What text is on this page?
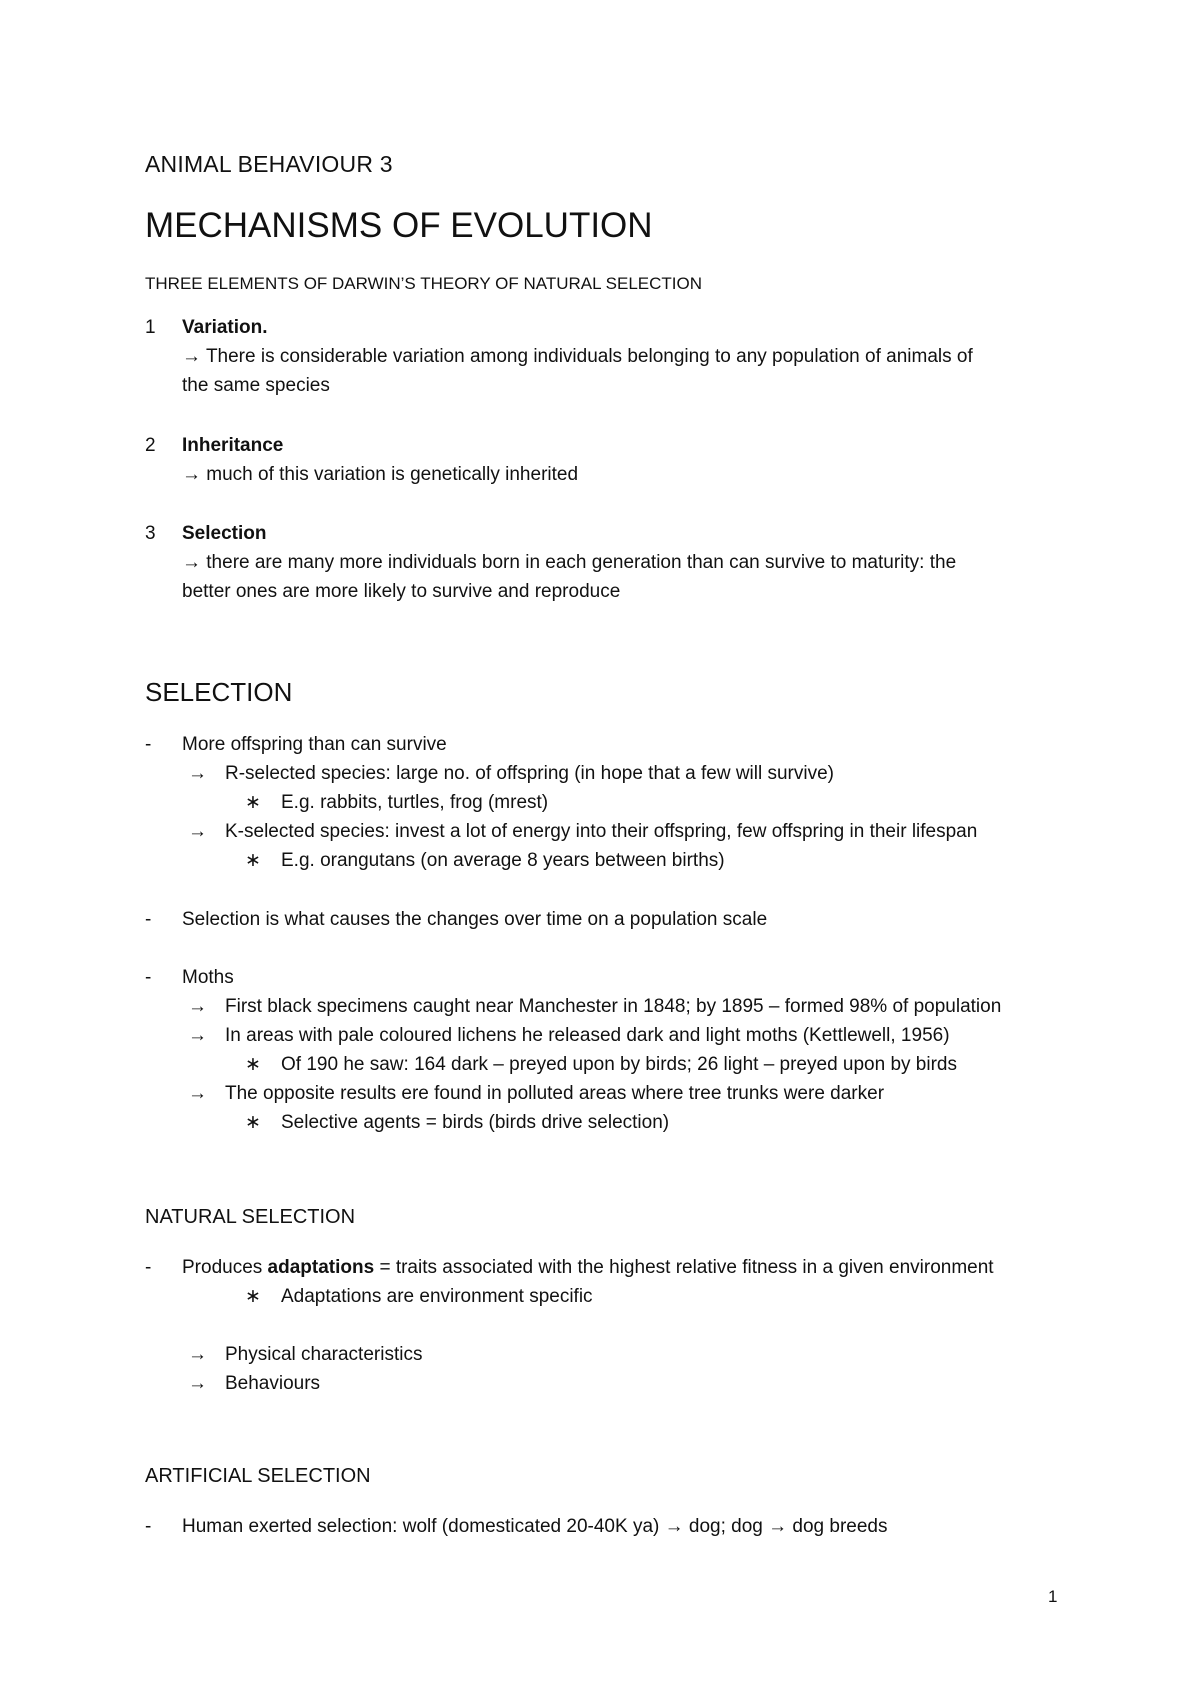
ANIMAL BEHAVIOUR 3
MECHANISMS OF EVOLUTION
THREE ELEMENTS OF DARWIN’S THEORY OF NATURAL SELECTION
1 Variation.
→ There is considerable variation among individuals belonging to any population of animals of
the same species
2 Inheritance
→ much of this variation is genetically inherited
3 Selection
→ there are many more individuals born in each generation than can survive to maturity: the
better ones are more likely to survive and reproduce
SELECTION
- More offspring than can survive
→ R-selected species: large no. of offspring (in hope that a few will survive)
∗ E.g. rabbits, turtles, frog (mrest)
→ K-selected species: invest a lot of energy into their offspring, few offspring in their lifespan
∗ E.g. orangutans (on average 8 years between births)
- Selection is what causes the changes over time on a population scale
- Moths
→ First black specimens caught near Manchester in 1848; by 1895 – formed 98% of population
→ In areas with pale coloured lichens he released dark and light moths (Kettlewell, 1956)
∗ Of 190 he saw: 164 dark – preyed upon by birds; 26 light – preyed upon by birds
→ The opposite results ere found in polluted areas where tree trunks were darker
∗ Selective agents = birds (birds drive selection)
NATURAL SELECTION
- Produces adaptations = traits associated with the highest relative fitness in a given environment
∗ Adaptations are environment specific
→ Physical characteristics
→ Behaviours
ARTIFICIAL SELECTION
- Human exerted selection: wolf (domesticated 20-40K ya) → dog; dog → dog breeds
1
